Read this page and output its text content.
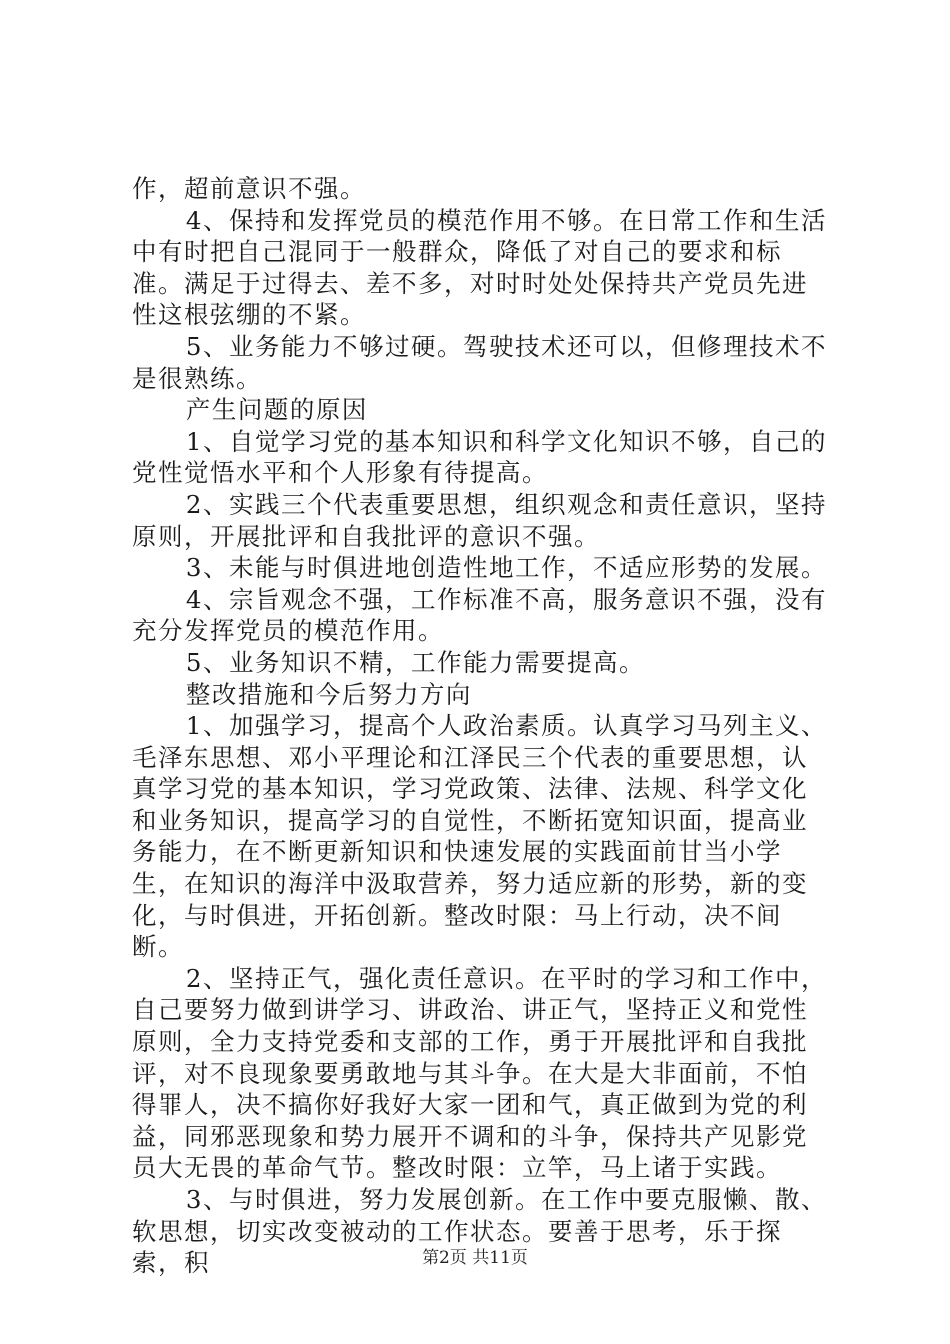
作，超前意识不强。

4、保持和发挥党员的模范作用不够。在日常工作和生活中有时把自己混同于一般群众，降低了对自己的要求和标准。满足于过得去、差不多，对时时处处保持共产党员先进性这根弦绷的不紧。

5、业务能力不够过硬。驾驶技术还可以，但修理技术不是很熟练。

产生问题的原因

1、自觉学习党的基本知识和科学文化知识不够，自己的党性觉悟水平和个人形象有待提高。

2、实践三个代表重要思想，组织观念和责任意识，坚持原则，开展批评和自我批评的意识不强。

3、未能与时俱进地创造性地工作，不适应形势的发展。

4、宗旨观念不强，工作标准不高，服务意识不强，没有充分发挥党员的模范作用。

5、业务知识不精，工作能力需要提高。

整改措施和今后努力方向

1、加强学习，提高个人政治素质。认真学习马列主义、毛泽东思想、邓小平理论和江泽民三个代表的重要思想，认真学习党的基本知识，学习党政策、法律、法规、科学文化和业务知识，提高学习的自觉性，不断拓宽知识面，提高业务能力，在不断更新知识和快速发展的实践面前甘当小学生，在知识的海洋中汲取营养，努力适应新的形势，新的变化，与时俱进，开拓创新。整改时限：马上行动，决不间断。

2、坚持正气，强化责任意识。在平时的学习和工作中，自己要努力做到讲学习、讲政治、讲正气，坚持正义和党性原则，全力支持党委和支部的工作，勇于开展批评和自我批评，对不良现象要勇敢地与其斗争。在大是大非面前，不怕得罪人，决不搞你好我好大家一团和气，真正做到为党的利益，同邪恶现象和势力展开不调和的斗争，保持共产见影党员大无畏的革命气节。整改时限：立竿，马上诸于实践。

3、与时俱进，努力发展创新。在工作中要克服懒、散、软思想，切实改变被动的工作状态。要善于思考，乐于探索，积	第2页 共11页
